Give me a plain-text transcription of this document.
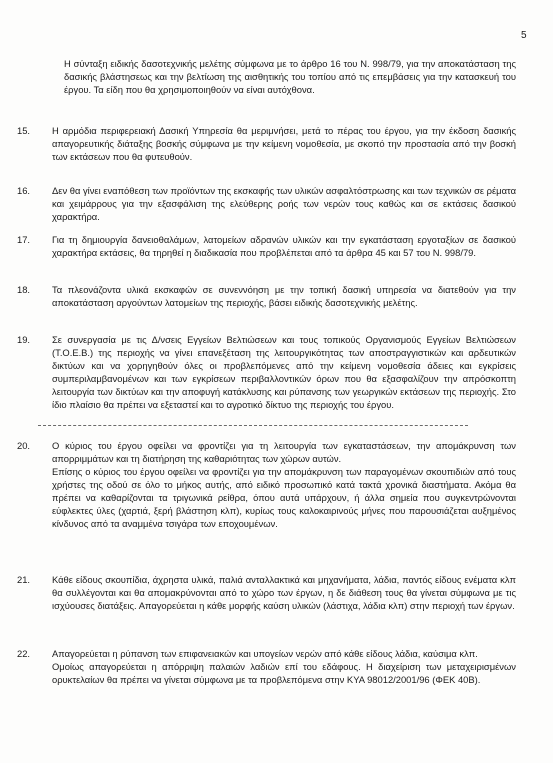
5

Η σύνταξη ειδικής δασοτεχνικής μελέτης σύμφωνα με το άρθρο 16 του Ν. 998/79, για την αποκατάσταση της δασικής βλάστησεως και την βελτίωση της αισθητικής του τοπίου από τις επεμβάσεις για την κατασκευή του έργου. Τα είδη που θα χρησιμοποιηθούν να είναι αυτόχθονα.

15. Η αρμόδια περιφερειακή Δασική Υπηρεσία θα μεριμνήσει, μετά το πέρας του έργου, για την έκδοση δασικής απαγορευτικής διάταξης βοσκής σύμφωνα με την κείμενη νομοθεσία, με σκοπό την προστασία από την βοσκή των εκτάσεων που θα φυτευθούν.

16. Δεν θα γίνει εναπόθεση των προϊόντων της εκσκαφής των υλικών ασφαλτόστρωσης και των τεχνικών σε ρέματα και χειμάρρους για την εξασφάλιση της ελεύθερης ροής των νερών τους καθώς και σε εκτάσεις δασικού χαρακτήρα.

17. Για τη δημιουργία δανειοθαλάμων, λατομείων αδρανών υλικών και την εγκατάσταση εργοταξίων σε δασικού χαρακτήρα εκτάσεις, θα τηρηθεί η διαδικασία που προβλέπεται από τα άρθρα 45 και 57 του Ν. 998/79.

18. Τα πλεονάζοντα υλικά εκσκαφών σε συνεννόηση με την τοπική δασική υπηρεσία να διατεθούν για την αποκατάσταση αργούντων λατομείων της περιοχής, βάσει ειδικής δασοτεχνικής μελέτης.

19. Σε συνεργασία με τις Δ/νσεις Εγγείων Βελτιώσεων και τους τοπικούς Οργανισμούς Εγγείων Βελτιώσεων (Τ.Ο.Ε.Β.) της περιοχής να γίνει επανεξέταση της λειτουργικότητας των αποστραγγιστικών και αρδευτικών δικτύων και να χορηγηθούν όλες οι προβλεπόμενες από την κείμενη νομοθεσία άδειες και εγκρίσεις συμπεριλαμβανομένων και των εγκρίσεων περιβαλλοντικών όρων που θα εξασφαλίζουν την απρόσκοπτη λειτουργία των δικτύων και την αποφυγή κατάκλυσης και ρύπανσης των γεωργικών εκτάσεων της περιοχής. Στο ίδιο πλαίσιο θα πρέπει να εξεταστεί και το αγροτικό δίκτυο της περιοχής του έργου.

20. Ο κύριος του έργου οφείλει να φροντίζει για τη λειτουργία των εγκαταστάσεων, την απομάκρυνση των απορριμμάτων και τη διατήρηση της καθαριότητας των χώρων αυτών.

Επίσης ο κύριος του έργου οφείλει να φροντίζει για την απομάκρυνση των παραγομένων σκουπιδιών από τους χρήστες της οδού σε όλο το μήκος αυτής, από ειδικό προσωπικό κατά τακτά χρονικά διαστήματα. Ακόμα θα πρέπει να καθαρίζονται τα τριγωνικά ρείθρα, όπου αυτά υπάρχουν, ή άλλα σημεία που συγκεντρώνονται εύφλεκτες ύλες (χαρτιά, ξερή βλάστηση κλπ), κυρίως τους καλοκαιρινούς μήνες που παρουσιάζεται αυξημένος κίνδυνος από τα αναμμένα τσιγάρα των εποχουμένων.

21. Κάθε είδους σκουπίδια, άχρηστα υλικά, παλιά ανταλλακτικά και μηχανήματα, λάδια, παντός είδους ενέματα κλπ θα συλλέγονται και θα απομακρύνονται από το χώρο των έργων, η δε διάθεση τους θα γίνεται σύμφωνα με τις ισχύουσες διατάξεις. Απαγορεύεται η κάθε μορφής καύση υλικών (λάστιχα, λάδια κλπ) στην περιοχή των έργων.

22. Απαγορεύεται η ρύπανση των επιφανειακών και υπογείων νερών από κάθε είδους λάδια, καύσιμα κλπ.

Ομοίως απαγορεύεται η απόρριψη παλαιών λαδιών επί του εδάφους. Η διαχείριση των μεταχειρισμένων ορυκτελαίων θα πρέπει να γίνεται σύμφωνα με τα προβλεπόμενα στην ΚΥΑ 98012/2001/96 (ΦΕΚ 40Β).
